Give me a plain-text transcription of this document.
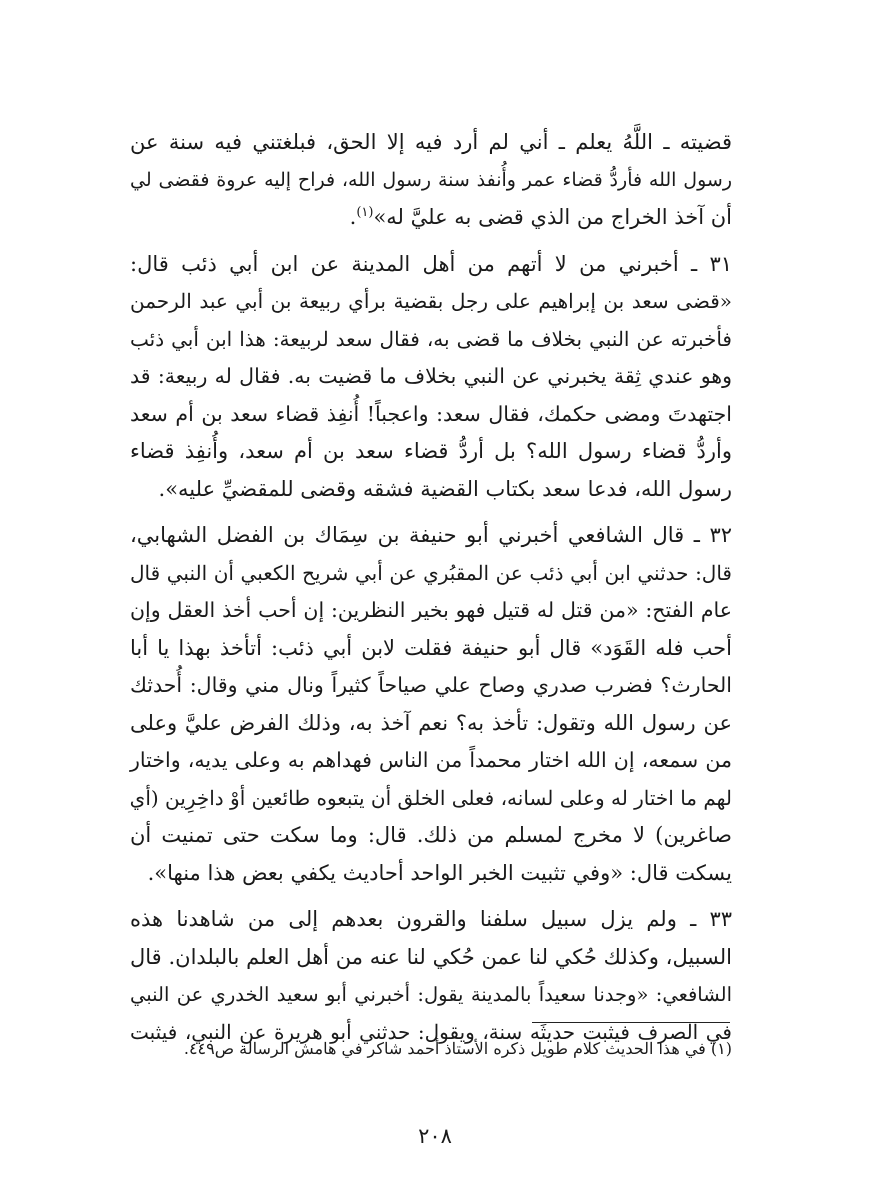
قضيته ـ اللَّهُ يعلم ـ أني لم أرد فيه إلا الحق، فبلغتني فيه سنة عن
رسول الله فأردُّ قضاء عمر وأُنفذ سنة رسول الله، فراح إليه عروة فقضى لي
أن آخذ الخراج من الذي قضى به عليَّ له»$^{(١)}$.

٣١ ـ أخبرني من لا أتهم من أهل المدينة عن ابن أبي ذئب قال:
«قضى سعد بن إبراهيم على رجل بقضية برأي ربيعة بن أبي عبد الرحمن
فأخبرته عن النبي بخلاف ما قضى به، فقال سعد لربيعة: هذا ابن أبي ذئب
وهو عندي ثِقة يخبرني عن النبي بخلاف ما قضيت به. فقال له ربيعة: قد
اجتهدتَ ومضى حكمك، فقال سعد: واعجباً! أُنفِذ قضاء سعد بن أم سعد
وأردُّ قضاء رسول الله؟ بل أردُّ قضاء سعد بن أم سعد، وأُنفِذ قضاء
رسول الله، فدعا سعد بكتاب القضية فشقه وقضى للمقضيِّ عليه».

٣٢ ـ قال الشافعي أخبرني أبو حنيفة بن سِمَاك بن الفضل الشهابي،
قال: حدثني ابن أبي ذئب عن المقبُري عن أبي شريح الكعبي أن النبي قال
عام الفتح: «من قتل له قتيل فهو بخير النظرين: إن أحب أخذ العقل وإن
أحب فله القَوَد» قال أبو حنيفة فقلت لابن أبي ذئب: أتأخذ بهذا يا أبا
الحارث؟ فضرب صدري وصاح علي صياحاً كثيراً ونال مني وقال: أُحدثك
عن رسول الله وتقول: تأخذ به؟ نعم آخذ به، وذلك الفرض عليَّ وعلى
من سمعه، إن الله اختار محمداً من الناس فهداهم به وعلى يديه، واختار
لهم ما اختار له وعلى لسانه، فعلى الخلق أن يتبعوه طائعين أوْ داخِرِين (أي
صاغرين) لا مخرج لمسلم من ذلك. قال: وما سكت حتى تمنيت أن
يسكت قال: «وفي تثبيت الخبر الواحد أحاديث يكفي بعض هذا منها».

٣٣ ـ ولم يزل سبيل سلفنا والقرون بعدهم إلى من شاهدنا هذه
السبيل، وكذلك حُكي لنا عمن حُكي لنا عنه من أهل العلم بالبلدان. قال
الشافعي: «وجدنا سعيداً بالمدينة يقول: أخبرني أبو سعيد الخدري عن النبي
في الصرف فيثبت حديثَه سنة، ويقول: حدثني أبو هريرة عن النبي، فيثبت

(١) في هذا الحديث كلام طويل ذكره الأستاذ أحمد شاكر في هامش الرسالة ص٤٤٩.
٢٠٨
